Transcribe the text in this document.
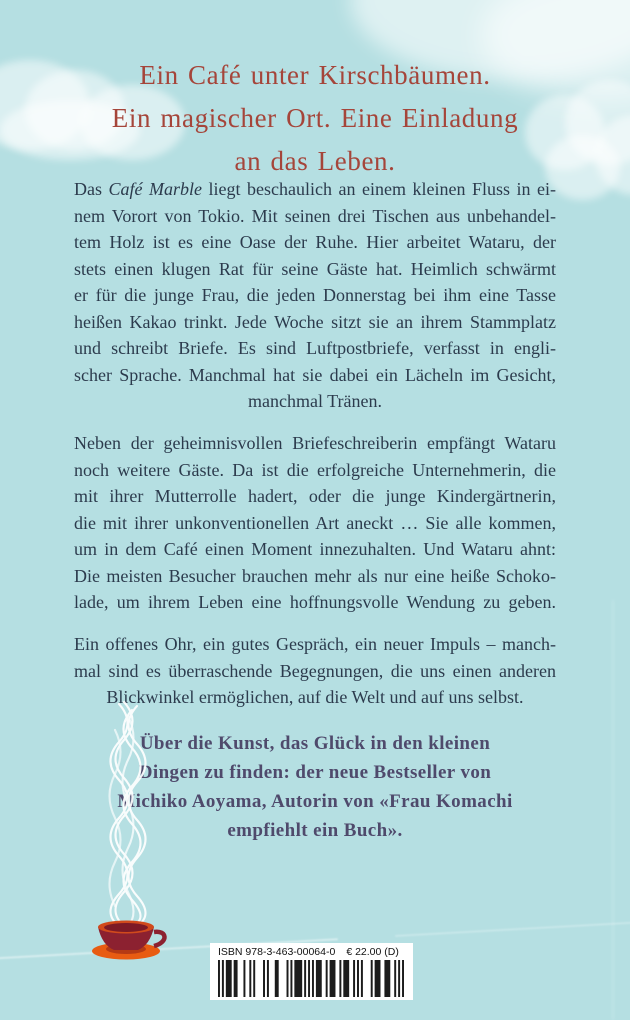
Ein Café unter Kirschbäumen.
Ein magischer Ort. Eine Einladung
an das Leben.
Das Café Marble liegt beschaulich an einem kleinen Fluss in ei-
nem Vorort von Tokio. Mit seinen drei Tischen aus unbehandel-
tem Holz ist es eine Oase der Ruhe. Hier arbeitet Wataru, der
stets einen klugen Rat für seine Gäste hat. Heimlich schwärmt
er für die junge Frau, die jeden Donnerstag bei ihm eine Tasse
heißen Kakao trinkt. Jede Woche sitzt sie an ihrem Stammplatz
und schreibt Briefe. Es sind Luftpostbriefe, verfasst in engli-
scher Sprache. Manchmal hat sie dabei ein Lächeln im Gesicht,
manchmal Tränen.
Neben der geheimnisvollen Briefeschreiberin empfängt Wataru
noch weitere Gäste. Da ist die erfolgreiche Unternehmerin, die
mit ihrer Mutterrolle hadert, oder die junge Kindergärtnerin,
die mit ihrer unkonventionellen Art aneckt … Sie alle kommen,
um in dem Café einen Moment innezuhalten. Und Wataru ahnt:
Die meisten Besucher brauchen mehr als nur eine heiße Schoko-
lade, um ihrem Leben eine hoffnungsvolle Wendung zu geben.
Ein offenes Ohr, ein gutes Gespräch, ein neuer Impuls – manch-
mal sind es überraschende Begegnungen, die uns einen anderen
Blickwinkel ermöglichen, auf die Welt und auf uns selbst.
Über die Kunst, das Glück in den kleinen
Dingen zu finden: der neue Bestseller von
Michiko Aoyama, Autorin von «Frau Komachi
empfiehlt ein Buch».
ISBN 978-3-463-00064-0 € 22.00 (D)
